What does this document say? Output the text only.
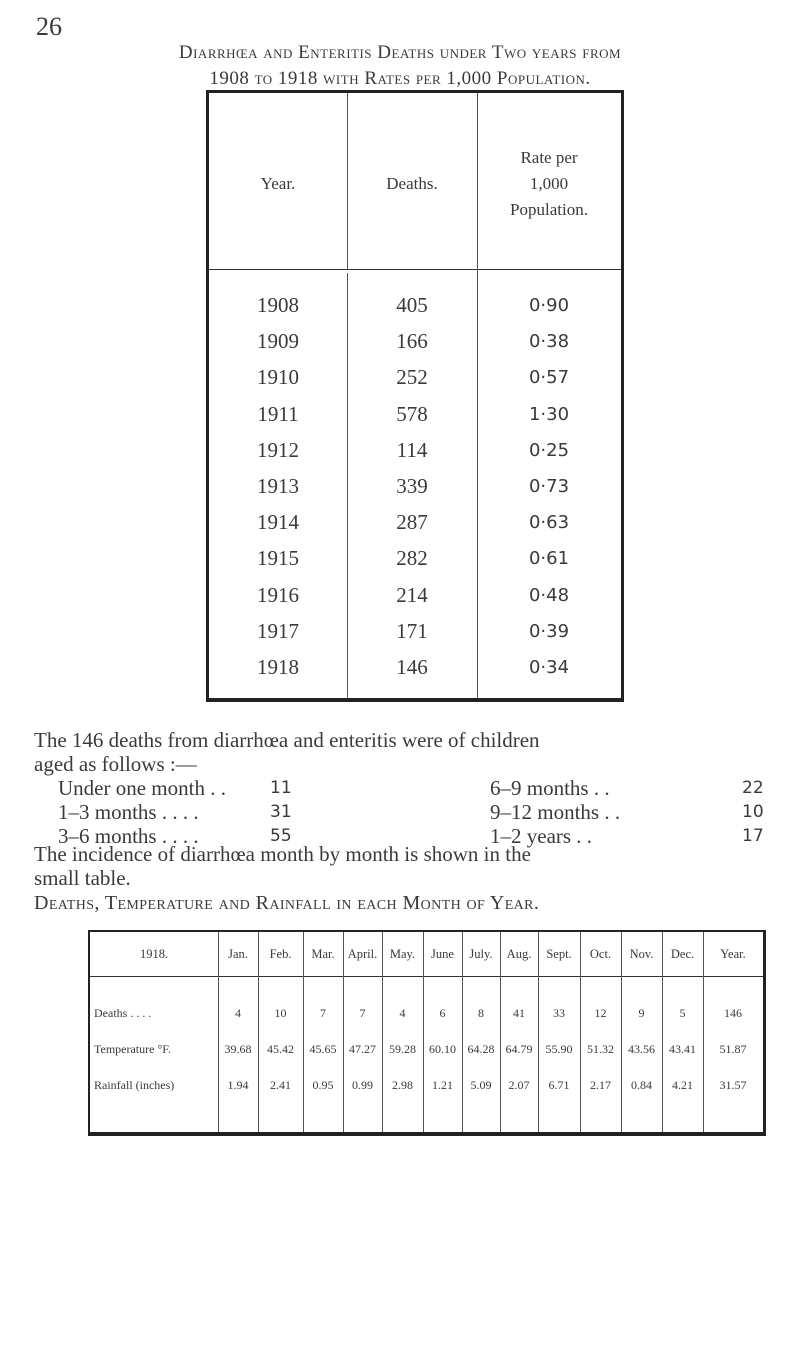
26
Diarrhœa and Enteritis Deaths under Two years from
1908 to 1918 with Rates per 1,000 Population.
Year.	Deaths.
Rate per
1,000
Population.
1908	405	0·90
1909	166	0·38
1910	252	0·57
1911	578	1·30
1912	114	0·25
1913	339	0·73
1914	287	0·63
1915	282	0·61
1916	214	0·48
1917	171	0·39
1918	146	0·34
The 146 deaths from diarrhœa and enteritis were of children
aged as follows :—
Under one month . .	11
1–3 months . . . .	31
3–6 months . . . .	55
6–9 months . .	22
9–12 months . .	10
1–2 years . .	17
The incidence of diarrhœa month by month is shown in the
small table.
Deaths, Temperature and Rainfall in each Month of Year.
1918.	Jan.	Feb.	Mar.	April.	May.	June	July.	Aug.	Sept.	Oct.	Nov.	Dec.	Year.
Deaths . . . .	4	10	7	7	4	6	8	41	33	12	9	5	146
Temperature °F.	39.68	45.42	45.65	47.27	59.28	60.10 64.28 64.79	55.90	51.32	43.56	43.41	51.87
Rainfall (inches)	1.94	2.41	0.95	0.99	2.98	1.21	5.09	2.07	6.71	2.17	0.84	4.21	31.57
